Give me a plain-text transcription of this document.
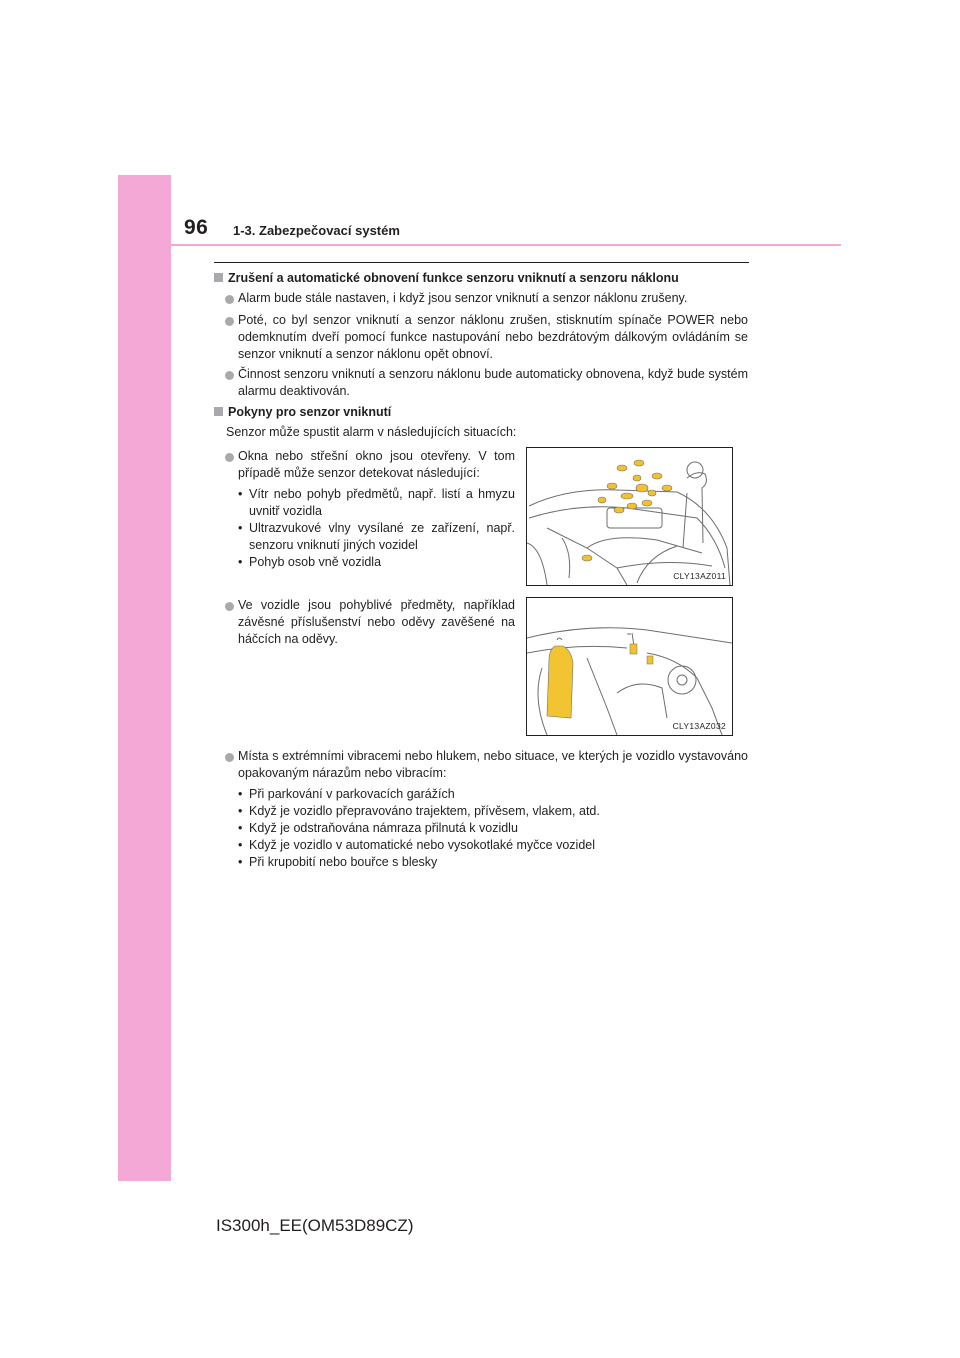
96 1-3. Zabezpečovací systém
Zrušení a automatické obnovení funkce senzoru vniknutí a senzoru náklonu
Alarm bude stále nastaven, i když jsou senzor vniknutí a senzor náklonu zrušeny.
Poté, co byl senzor vniknutí a senzor náklonu zrušen, stisknutím spínače POWER nebo odemknutím dveří pomocí funkce nastupování nebo bezdrátovým dálkovým ovládáním se senzor vniknutí a senzor náklonu opět obnoví.
Činnost senzoru vniknutí a senzoru náklonu bude automaticky obnovena, když bude systém alarmu deaktivován.
Pokyny pro senzor vniknutí
Senzor může spustit alarm v následujících situacích:
Okna nebo střešní okno jsou otevřeny. V tom případě může senzor detekovat následující:
• Vítr nebo pohyb předmětů, např. listí a hmyzu uvnitř vozidla
• Ultrazvukové vlny vysílané ze zařízení, např. senzoru vniknutí jiných vozidel
• Pohyb osob vně vozidla
CLY13AZ011
Ve vozidle jsou pohyblivé předměty, například závěsné příslušenství nebo oděvy zavěšené na háčcích na oděvy.
CLY13AZ032
Místa s extrémními vibracemi nebo hlukem, nebo situace, ve kterých je vozidlo vystavováno opakovaným nárazům nebo vibracím:
• Při parkování v parkovacích garážích
• Když je vozidlo přepravováno trajektem, přívěsem, vlakem, atd.
• Když je odstraňována námraza přilnutá k vozidlu
• Když je vozidlo v automatické nebo vysokotlaké myčce vozidel
• Při krupobití nebo bouřce s blesky
IS300h_EE(OM53D89CZ)
